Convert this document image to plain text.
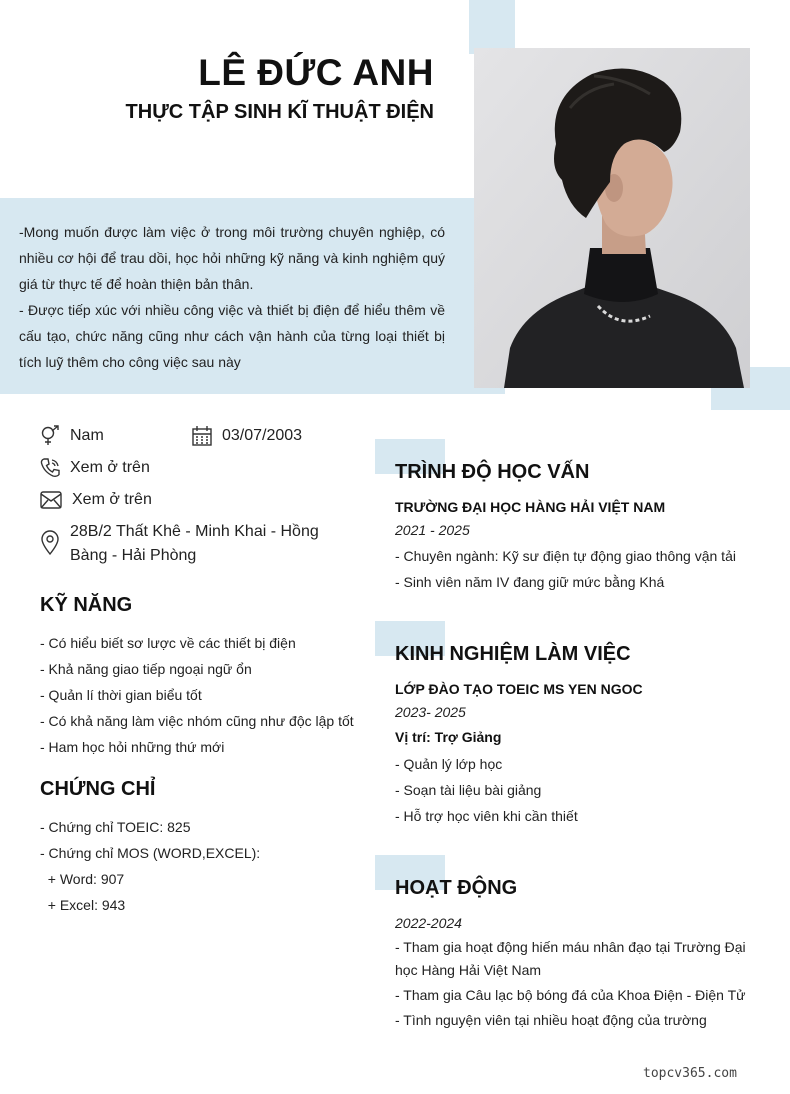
LÊ ĐỨC ANH
THỰC TẬP SINH KĨ THUẬT ĐIỆN

-Mong muốn được làm việc ở trong môi trường chuyên nghiệp, có nhiều cơ hội để trau dồi, học hỏi những kỹ năng và kinh nghiệm quý giá từ thực tế để hoàn thiện bản thân.

- Được tiếp xúc với nhiều công việc và thiết bị điện để hiểu thêm về cấu tạo, chức năng cũng như cách vận hành của từng loại thiết bị tích luỹ thêm cho công việc sau này

Nam	03/07/2003
Xem ở trên
Xem ở trên
28B/2 Thất Khê - Minh Khai - Hồng Bàng - Hải Phòng
KỸ NĂNG
- Có hiểu biết sơ lược về các thiết bị điện
- Khả năng giao tiếp ngoại ngữ ổn
- Quản lí thời gian biểu tốt
- Có khả năng làm việc nhóm cũng như độc lập tốt
- Ham học hỏi những thứ mới
CHỨNG CHỈ
- Chứng chỉ TOEIC: 825
- Chứng chỉ MOS (WORD,EXCEL):
+ Word: 907
+ Excel: 943
TRÌNH ĐỘ HỌC VẤN
TRƯỜNG ĐẠI HỌC HÀNG HẢI VIỆT NAM
2021 - 2025
- Chuyên ngành: Kỹ sư điện tự động giao thông vận tải
- Sinh viên năm IV đang giữ mức bằng Khá
KINH NGHIỆM LÀM VIỆC
LỚP ĐÀO TẠO TOEIC MS YEN NGOC
2023- 2025
Vị trí: Trợ Giảng
- Quản lý lớp học
- Soạn tài liệu bài giảng
- Hỗ trợ học viên khi cần thiết
HOẠT ĐỘNG
2022-2024
- Tham gia hoạt động hiến máu nhân đạo tại Trường Đại học Hàng Hải Việt Nam
- Tham gia Câu lạc bộ bóng đá của Khoa Điện - Điện Tử
- Tình nguyện viên tại nhiều hoạt động của trường
topcv365.com
